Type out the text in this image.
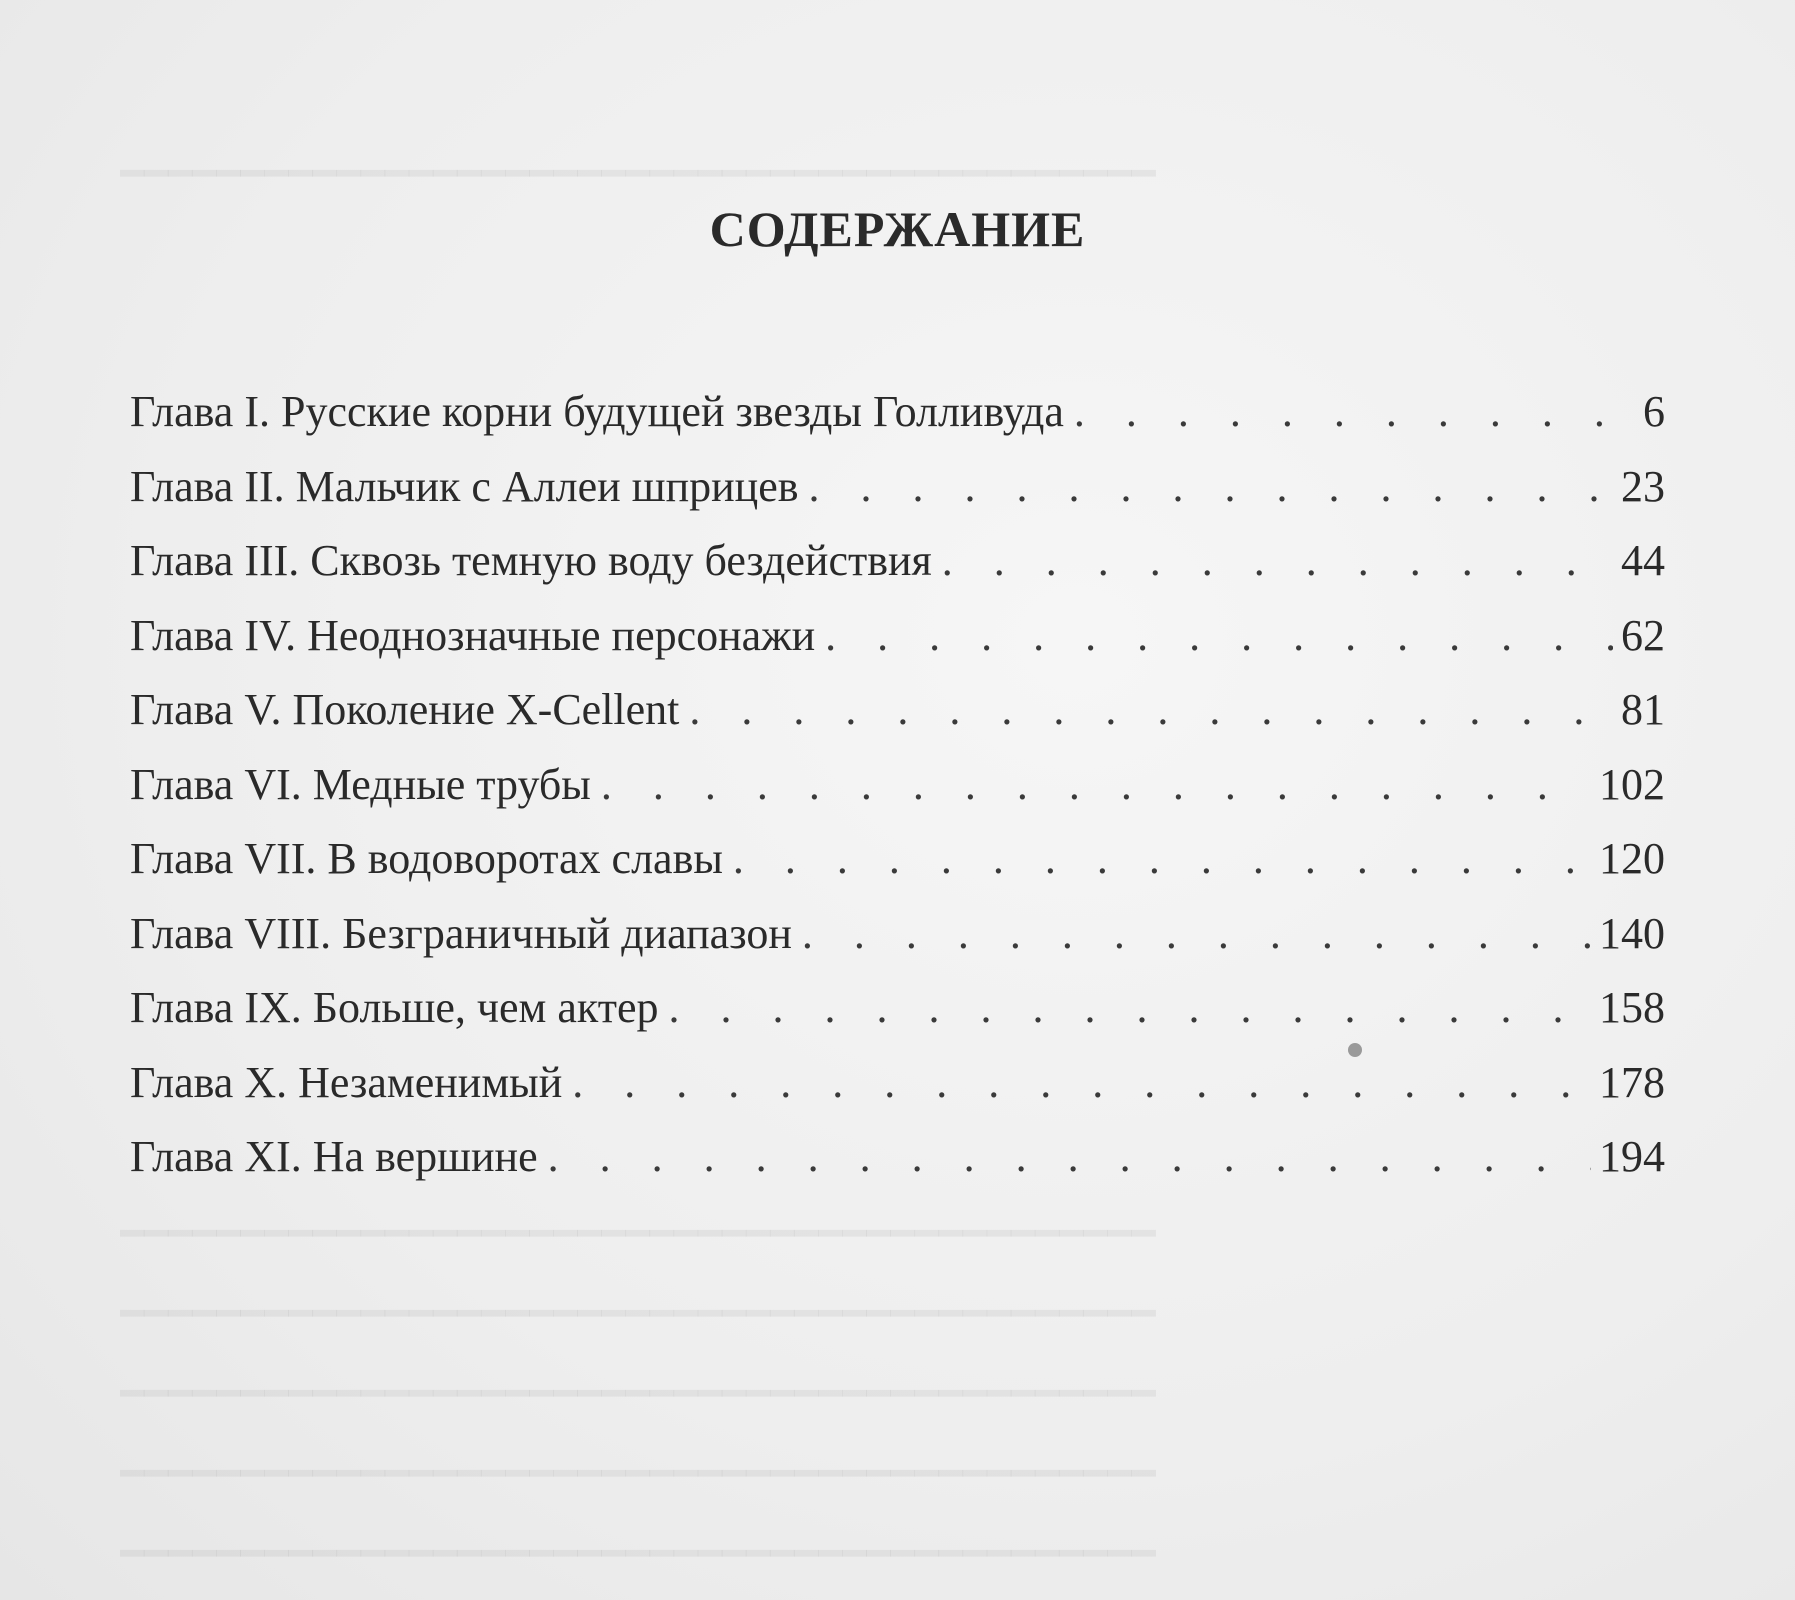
━━━━━━━━━━━━━━━━━━━━━━━━━━━━━━━━━━━━━━━━━━━
━━━━━━━━━━━━━━━━━━━━━━━━━━━━━━━━━━━━━━━━━━━
━━━━━━━━━━━━━━━━━━━━━━━━━━━━━━━━━━━━━━━━━━━
━━━━━━━━━━━━━━━━━━━━━━━━━━━━━━━━━━━━━━━━━━━
━━━━━━━━━━━━━━━━━━━━━━━━━━━━━━━━━━━━━━━━━━━
━━━━━━━━━━━━━━━━━━━━━━━━━━━━━━━━━━━━━━━━━━━
СОДЕРЖАНИЕ
Глава I. Русские корни будущей звезды Голливуда . . .	6
Глава II. Мальчик с Аллеи шприцев . . .	23
Глава III. Сквозь темную воду бездействия . . .	44
Глава IV. Неоднозначные персонажи . . .	62
Глава V. Поколение X-Cellent . . .	81
Глава VI. Медные трубы . . .	102
Глава VII. В водоворотах славы . . .	120
Глава VIII. Безграничный диапазон . . .	140
Глава IX. Больше, чем актер . . .	158
Глава X. Незаменимый . . .	178
Глава XI. На вершине . . .	194
